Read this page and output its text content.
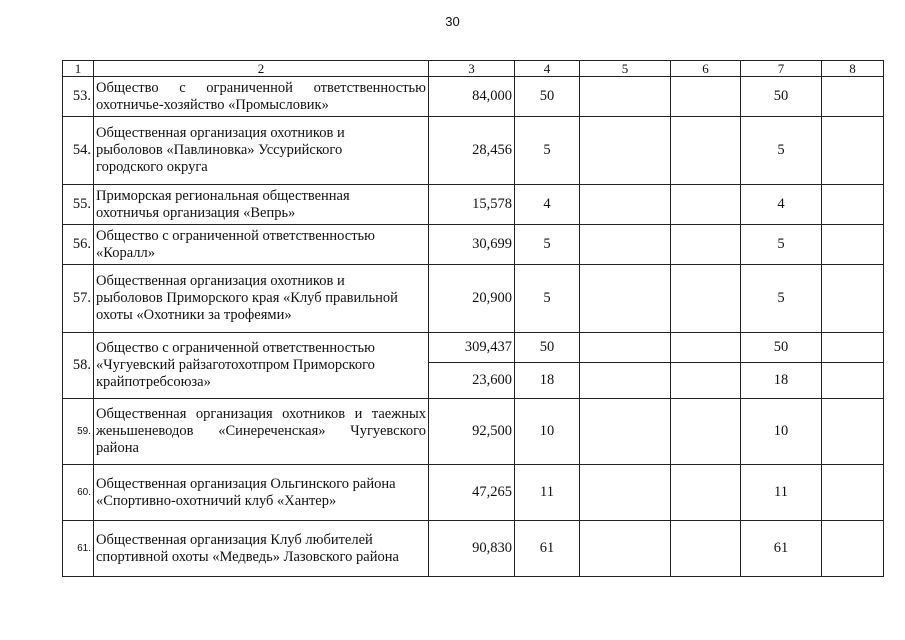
30
1	2	3	4	5	6	7	8
53.	Общество с ограниченной ответственностью

охотничье-хозяйство «Промысловик»	84,000	50			50	
54.	Общественная организация охотников и
рыболовов «Павлиновка» Уссурийского
городского округа	28,456	5			5	
55.	Приморская региональная общественная
охотничья организация «Вепрь»	15,578	4			4	
56.	Общество с ограниченной ответственностью
«Коралл»	30,699	5			5	
57.	Общественная организация охотников и
рыболовов Приморского края «Клуб правильной
охоты «Охотники за трофеями»	20,900	5			5	
58.	Общество с ограниченной ответственностью
«Чугуевский райзаготохотпром Приморского
крайпотребсоюза»	309,437	50			50	
		23,600	18			18	
59.	Общественная организация охотников и таежных
женьшеневодов «Синереченская» Чугуевского

района	92,500	10			10	
60.	Общественная организация Ольгинского района
«Спортивно-охотничий клуб «Хантер»	47,265	11			11	
61.	Общественная организация Клуб любителей
спортивной охоты «Медведь» Лазовского района	90,830	61			61	
